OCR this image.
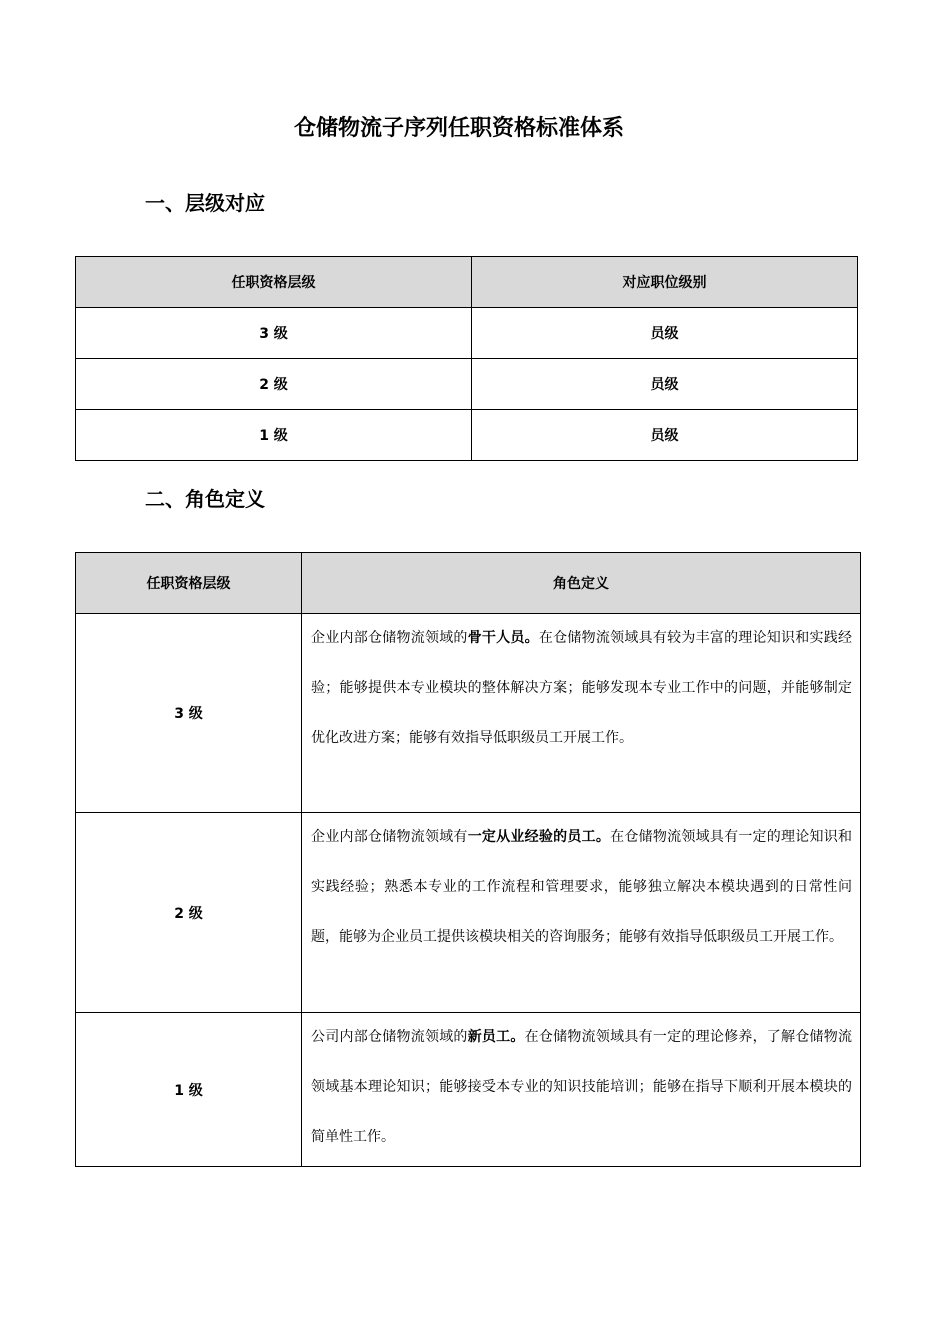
仓储物流子序列任职资格标准体系
一、层级对应
任职资格层级	对应职位级别
3 级	员级
2 级	员级
1 级	员级
二、角色定义
任职资格层级	角色定义
3 级	企业内部仓储物流领域的骨干人员。在仓储物流领域具有较为丰富的理论知识和实践经验；能够提供本专业模块的整体解决方案；能够发现本专业工作中的问题，并能够制定优化改进方案；能够有效指导低职级员工开展工作。

2 级	企业内部仓储物流领域有一定从业经验的员工。在仓储物流领域具有一定的理论知识和实践经验；熟悉本专业的工作流程和管理要求，能够独立解决本模块遇到的日常性问题，能够为企业员工提供该模块相关的咨询服务；能够有效指导低职级员工开展工作。

1 级	公司内部仓储物流领域的新员工。在仓储物流领域具有一定的理论修养，了解仓储物流领域基本理论知识；能够接受本专业的知识技能培训；能够在指导下顺利开展本模块的简单性工作。
